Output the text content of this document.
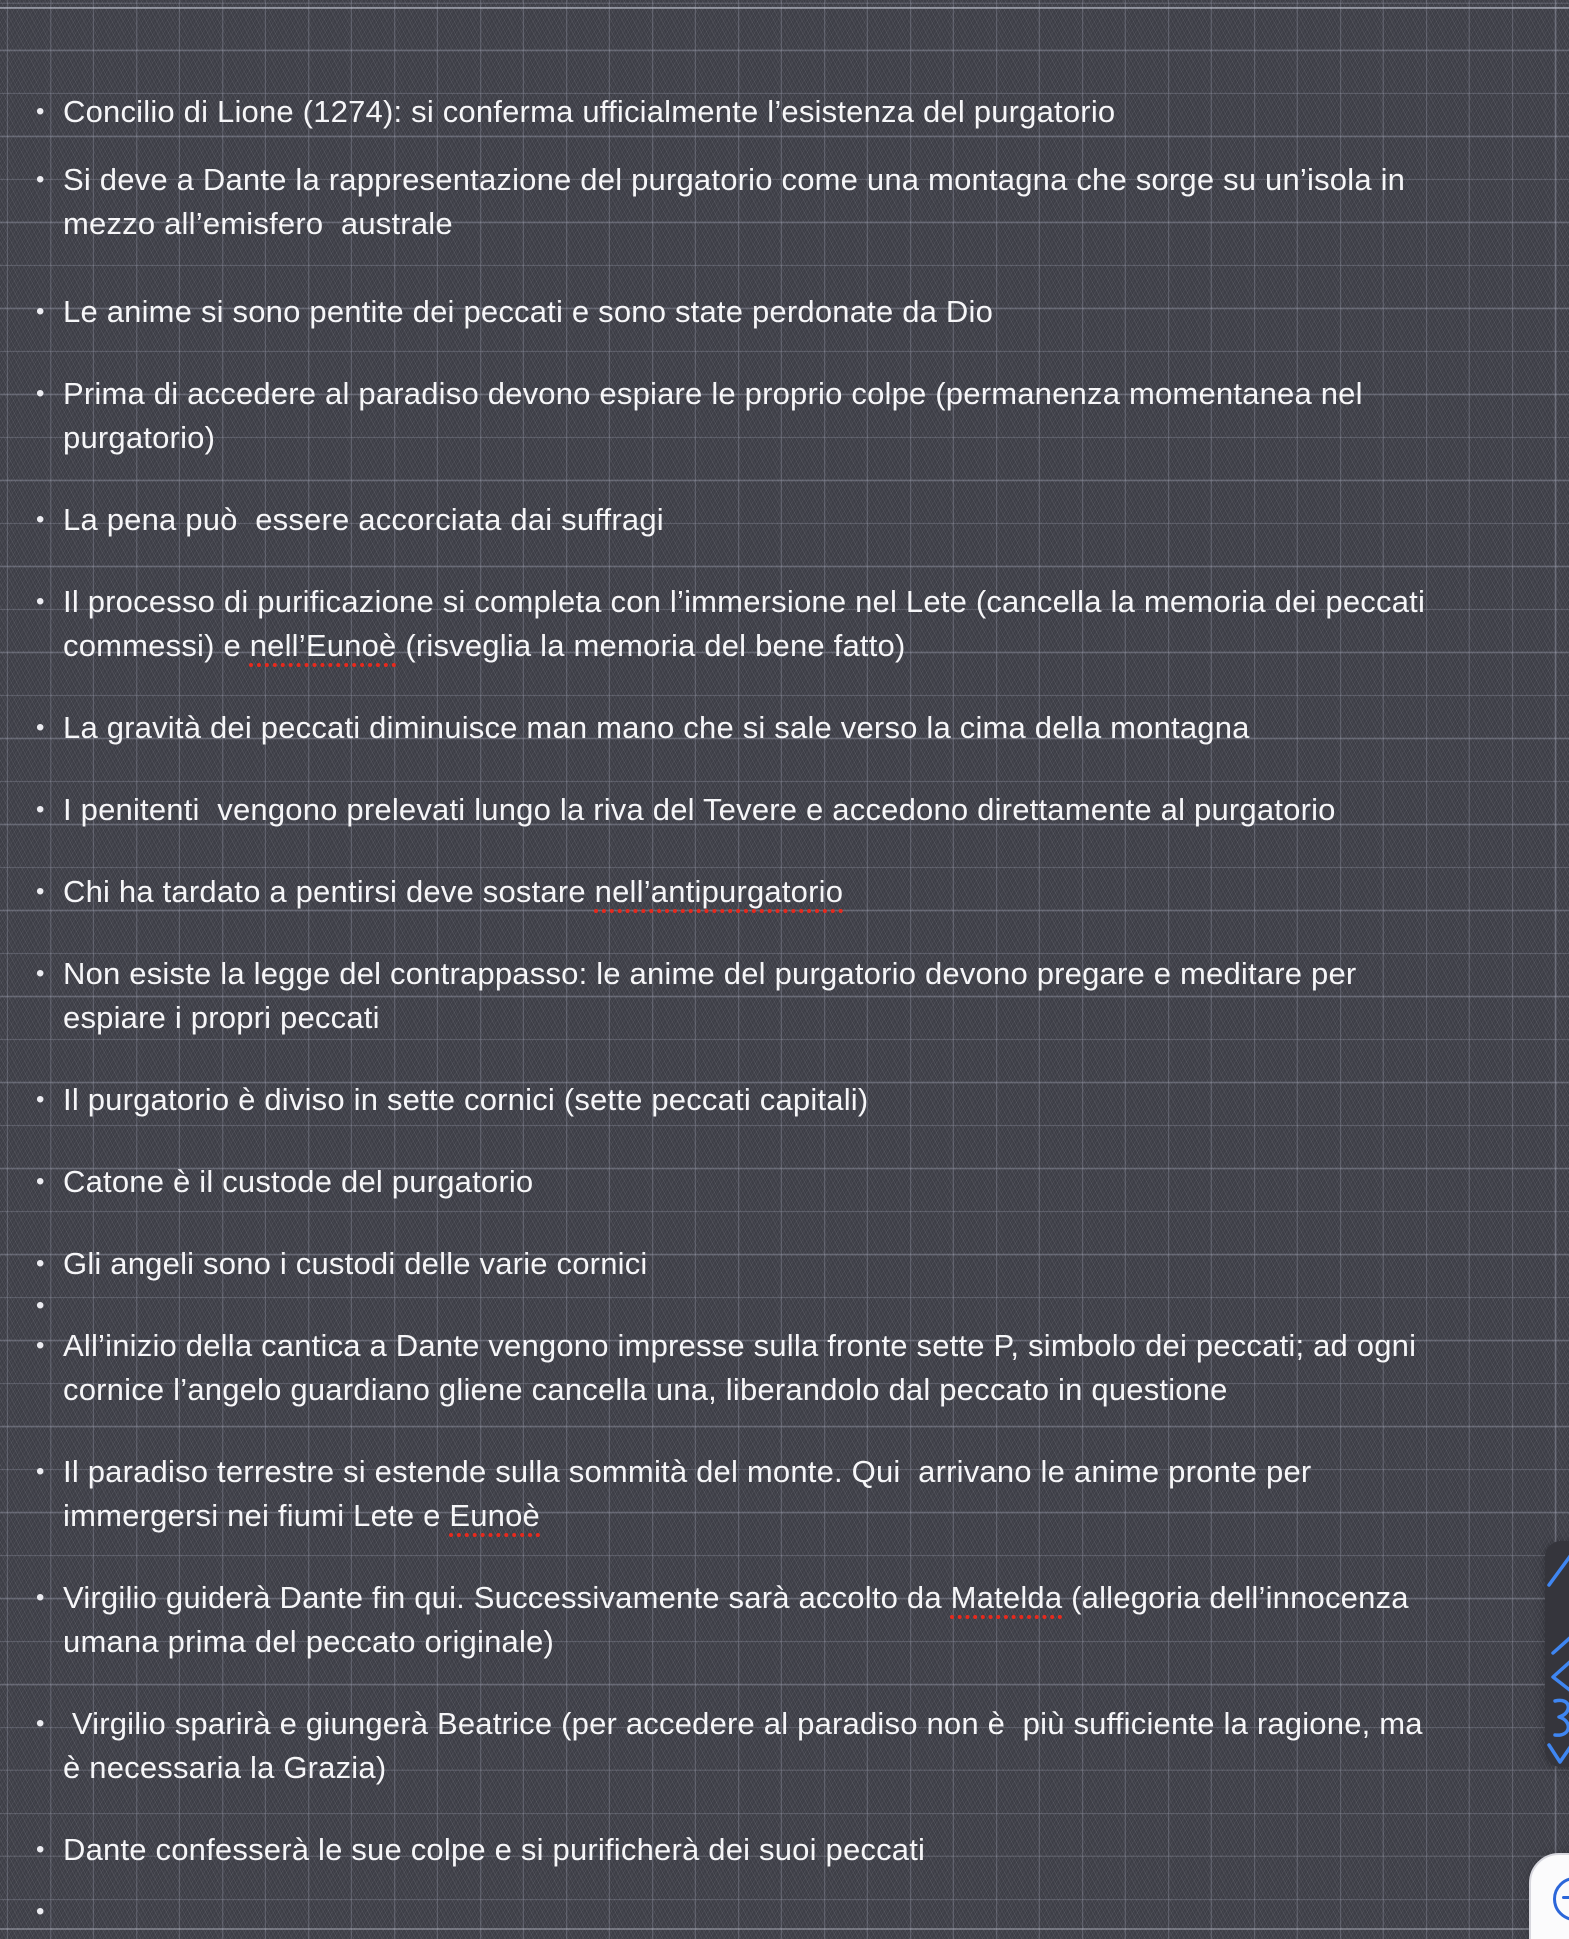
• Concilio di Lione (1274): si conferma ufficialmente l’esistenza del purgatorio
• Si deve a Dante la rappresentazione del purgatorio come una montagna che sorge su un’isola in
mezzo all’emisfero  australe
• Le anime si sono pentite dei peccati e sono state perdonate da Dio
• Prima di accedere al paradiso devono espiare le proprio colpe (permanenza momentanea nel
purgatorio)
• La pena può  essere accorciata dai suffragi
• Il processo di purificazione si completa con l’immersione nel Lete (cancella la memoria dei peccati
commessi) e nell’Eunoè (risveglia la memoria del bene fatto)
• La gravità dei peccati diminuisce man mano che si sale verso la cima della montagna
• I penitenti  vengono prelevati lungo la riva del Tevere e accedono direttamente al purgatorio
• Chi ha tardato a pentirsi deve sostare nell’antipurgatorio
• Non esiste la legge del contrappasso: le anime del purgatorio devono pregare e meditare per
espiare i propri peccati
• Il purgatorio è diviso in sette cornici (sette peccati capitali)
• Catone è il custode del purgatorio
• Gli angeli sono i custodi delle varie cornici
•
• All’inizio della cantica a Dante vengono impresse sulla fronte sette P, simbolo dei peccati; ad ogni
cornice l’angelo guardiano gliene cancella una, liberandolo dal peccato in questione
• Il paradiso terrestre si estende sulla sommità del monte. Qui  arrivano le anime pronte per
immergersi nei fiumi Lete e Eunoè
• Virgilio guiderà Dante fin qui. Successivamente sarà accolto da Matelda (allegoria dell’innocenza
umana prima del peccato originale)
• Virgilio sparirà e giungerà Beatrice (per accedere al paradiso non è  più sufficiente la ragione, ma
è necessaria la Grazia)
• Dante confesserà le sue colpe e si purificherà dei suoi peccati
•
